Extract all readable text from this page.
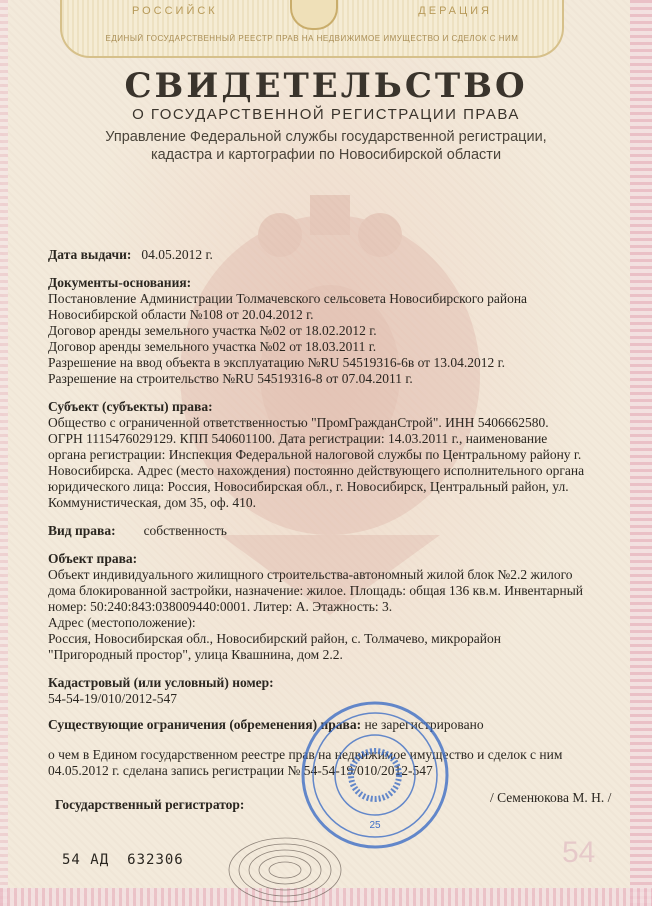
РОССИЙСК	ДЕРАЦИЯ
ЕДИНЫЙ ГОСУДАРСТВЕННЫЙ РЕЕСТР ПРАВ НА НЕДВИЖИМОЕ ИМУЩЕСТВО И СДЕЛОК С НИМ
СВИДЕТЕЛЬСТВО
О ГОСУДАРСТВЕННОЙ РЕГИСТРАЦИИ ПРАВА
Управление Федеральной службы государственной регистрации,
кадастра и картографии по Новосибирской области
Дата выдачи: 04.05.2012 г.
Документы-основания:
Постановление Администрации Толмачевского сельсовета Новосибирского района
Новосибирской области №108 от 20.04.2012 г.
Договор аренды земельного участка №02 от 18.02.2012 г.
Договор аренды земельного участка №02 от 18.03.2011 г.
Разрешение на ввод объекта в эксплуатацию №RU 54519316-6в от 13.04.2012 г.
Разрешение на строительство №RU 54519316-8 от 07.04.2011 г.
Субъект (субъекты) права:
Общество с ограниченной ответственностью "ПромГражданСтрой". ИНН 5406662580.
ОГРН 1115476029129. КПП 540601100. Дата регистрации: 14.03.2011 г., наименование
органа регистрации: Инспекция Федеральной налоговой службы по Центральному району г.
Новосибирска. Адрес (место нахождения) постоянно действующего исполнительного органа
юридического лица: Россия, Новосибирская обл., г. Новосибирск, Центральный район, ул.
Коммунистическая, дом 35, оф. 410.
Вид права: собственность
Объект права:
Объект индивидуального жилищного строительства-автономный жилой блок №2.2 жилого
дома блокированной застройки, назначение: жилое. Площадь: общая 136 кв.м. Инвентарный
номер: 50:240:843:038009440:0001. Литер: А. Этажность: 3.
Адрес (местоположение):
Россия, Новосибирская обл., Новосибирский район, с. Толмачево, микрорайон
"Пригородный простор", улица Квашнина, дом 2.2.
Кадастровый (или условный) номер:
54-54-19/010/2012-547
Существующие ограничения (обременения) права: не зарегистрировано
о чем в Едином государственном реестре прав на недвижимое имущество и сделок с ним
04.05.2012 г. сделана запись регистрации № 54-54-19/010/2012-547
25
Государственный регистратор:	/ Семенюкова М. Н. /
54 АД 632306	54
